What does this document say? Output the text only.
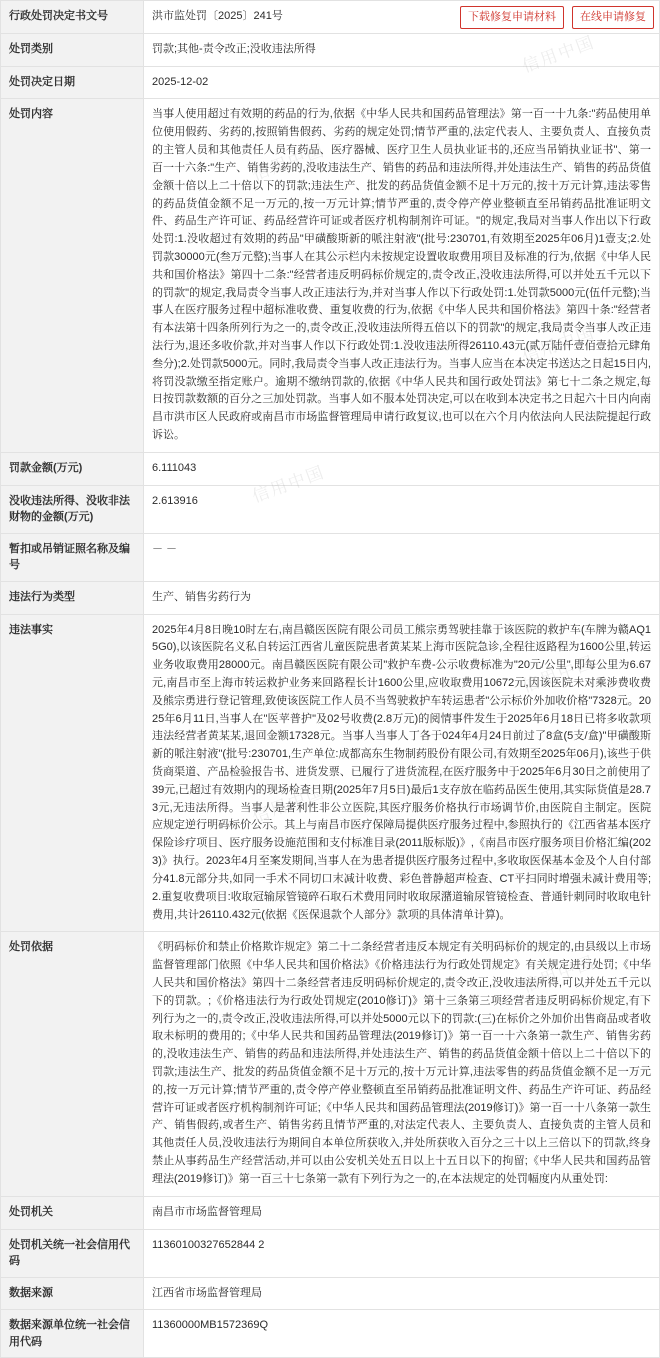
下载修复申请材料	在线申请修复
信用中国
信用中国
信用中国
信用中国
信用中国
信用中国
信用中国
行政处罚决定书文号	洪市监处罚〔2025〕241号
处罚类别	罚款;其他-责令改正;没收违法所得
处罚决定日期	2025-12-02
处罚内容	当事人使用超过有效期的药品的行为,依据《中华人民共和国药品管理法》第一百一十九条:"药品使用单位使用假药、劣药的,按照销售假药、劣药的规定处罚;情节严重的,法定代表人、主要负责人、直接负责的主管人员和其他责任人员有药品、医疗器械、医疗卫生人员执业证书的,还应当吊销执业证书"、第一百一十六条:"生产、销售劣药的,没收违法生产、销售的药品和违法所得,并处违法生产、销售的药品货值金额十倍以上二十倍以下的罚款;违法生产、批发的药品货值金额不足十万元的,按十万元计算,违法零售的药品货值金额不足一万元的,按一万元计算;情节严重的,责令停产停业整顿直至吊销药品批准证明文件、药品生产许可证、药品经营许可证或者医疗机构制剂许可证。"的规定,我局对当事人作出以下行政处罚:1.没收超过有效期的药品"甲磺酸斯新的哌注射液"(批号:230701,有效期至2025年06月)1壹支;2.处罚款30000元(叁万元整);当事人在其公示栏内未按规定设置收取费用项目及标准的行为,依据《中华人民共和国价格法》第四十二条:"经营者违反明码标价规定的,责令改正,没收违法所得,可以并处五千元以下的罚款"的规定,我局责令当事人改正违法行为,并对当事人作以下行政处罚:1.处罚款5000元(伍仟元整);当事人在医疗服务过程中超标准收费、重复收费的行为,依据《中华人民共和国价格法》第四十条:"经营者有本法第十四条所列行为之一的,责令改正,没收违法所得五倍以下的罚款"的规定,我局责令当事人改正违法行为,退还多收价款,并对当事人作以下行政处罚:1.没收违法所得26110.43元(贰万陆仟壹佰壹拾元肆角叁分);2.处罚款5000元。同时,我局责令当事人改正违法行为。当事人应当在本决定书送达之日起15日内,将罚没款缴至指定账户。逾期不缴纳罚款的,依据《中华人民共和国行政处罚法》第七十二条之规定,每日按罚款数额的百分之三加处罚款。当事人如不服本处罚决定,可以在收到本决定书之日起六十日内向南昌市洪市区人民政府或南昌市市场监督管理局申请行政复议,也可以在六个月内依法向人民法院提起行政诉讼。
罚款金额(万元)	6.111043
没收违法所得、没收非法财物的金额(万元)	2.613916
暂扣或吊销证照名称及编号	－ －
违法行为类型	生产、销售劣药行为
违法事实	2025年4月8日晚10时左右,南昌赣医医院有限公司员工熊宗勇驾驶挂靠于该医院的救护车(车牌为赣AQ15G0),以该医院名义私自转运江西省儿童医院患者黄某某上海市医院急诊,全程往返路程为1600公里,转运业务收取费用28000元。南昌赣医医院有限公司"救护车费-公示收费标准为"20元/公里",即每公里为6.67元,南昌市至上海市转运救护业务来回路程长计1600公里,应收取费用10672元,因该医院未对乘涉费收费及熊宗勇进行登记管理,致使该医院工作人员不当驾驶救护车转运患者"公示标价外加收价格"7328元。2025年6月11日,当事人在"医苹普护"及02号收费(2.8万元)的阅情事件发生于2025年6月18日已将多收款项违法经营者黄某某,退回金额17328元。当事人当事人丁各于024年4月24日前过了8盒(5支/盒)"甲磺酸斯新的哌注射液"(批号:230701,生产单位:成都高东生物制药股份有限公司,有效期至2025年06月),该些于供货商渠道、产品检验报告书、进货发票、已履行了进货流程,在医疗服务中于2025年6月30日之前使用了39元,已超过有效期内的现场检查日期(2025年7月5日)最后1支存放在临药品医生使用,其实际货值是28.73元,无违法所得。当事人是著利性非公立医院,其医疗服务价格执行市场调节价,由医院自主制定。医院应规定逆行明码标价公示。其上与南昌市医疗保障局提供医疗服务过程中,参照执行的《江西省基本医疗保险诊疗项目、医疗服务设施范围和支付标准目录(2011版标版)》,《南昌市医疗服务项目价格汇编(2023)》执行。2023年4月至案发期间,当事人在为患者提供医疗服务过程中,多收取医保基本金及个人自付部分41.8元部分共,如同一手术不同切口末减计收费、彩色普静超声检查、CT平扫同时增强未减计费用等;2.重复收费项目:收取冠输尿管镜碎石取石术费用同时收取尿潴道输尿管镜检查、普通针刺同时收取电针费用,共计26110.432元(依据《医保退款个人部分》款项的具体清单计算)。
处罚依据	《明码标价和禁止价格欺诈规定》第二十二条经营者违反本规定有关明码标价的规定的,由县级以上市场监督管理部门依照《中华人民共和国价格法》《价格违法行为行政处罚规定》有关规定进行处罚;《中华人民共和国价格法》第四十二条经营者违反明码标价规定的,责令改正,没收违法所得,可以并处五千元以下的罚款。;《价格违法行为行政处罚规定(2010修订)》第十三条第三项经营者违反明码标价规定,有下列行为之一的,责令改正,没收违法所得,可以并处5000元以下的罚款:(三)在标价之外加价出售商品或者收取未标明的费用的;《中华人民共和国药品管理法(2019修订)》第一百一十六条第一款生产、销售劣药的,没收违法生产、销售的药品和违法所得,并处违法生产、销售的药品货值金额十倍以上二十倍以下的罚款;违法生产、批发的药品货值金额不足十万元的,按十万元计算,违法零售的药品货值金额不足一万元的,按一万元计算;情节严重的,责令停产停业整顿直至吊销药品批准证明文件、药品生产许可证、药品经营许可证或者医疗机构制剂许可证;《中华人民共和国药品管理法(2019修订)》第一百一十八条第一款生产、销售假药,或者生产、销售劣药且情节严重的,对法定代表人、主要负责人、直接负责的主管人员和其他责任人员,没收违法行为期间自本单位所获收入,并处所获收入百分之三十以上三倍以下的罚款,终身禁止从事药品生产经营活动,并可以由公安机关处五日以上十五日以下的拘留;《中华人民共和国药品管理法(2019修订)》第一百三十七条第一款有下列行为之一的,在本法规定的处罚幅度内从重处罚:
处罚机关	南昌市市场监督管理局
处罚机关统一社会信用代码	11360100327652844 2
数据来源	江西省市场监督管理局
数据来源单位统一社会信用代码	11360000MB1572369Q
